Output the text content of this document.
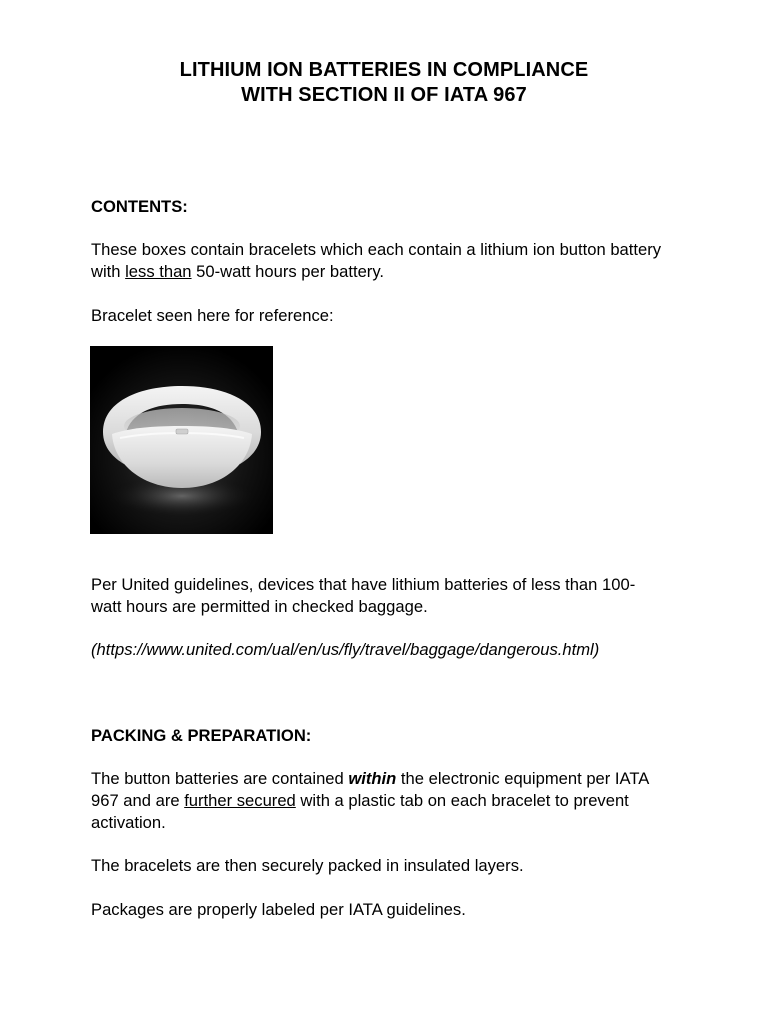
LITHIUM ION BATTERIES IN COMPLIANCE
WITH SECTION II OF IATA 967
CONTENTS:
These boxes contain bracelets which each contain a lithium ion button battery with less than 50-watt hours per battery.
Bracelet seen here for reference:
Per United guidelines, devices that have lithium batteries of less than 100-watt hours are permitted in checked baggage.
(https://www.united.com/ual/en/us/fly/travel/baggage/dangerous.html)
PACKING & PREPARATION:
The button batteries are contained within the electronic equipment per IATA 967 and are further secured with a plastic tab on each bracelet to prevent activation.
The bracelets are then securely packed in insulated layers.
Packages are properly labeled per IATA guidelines.
